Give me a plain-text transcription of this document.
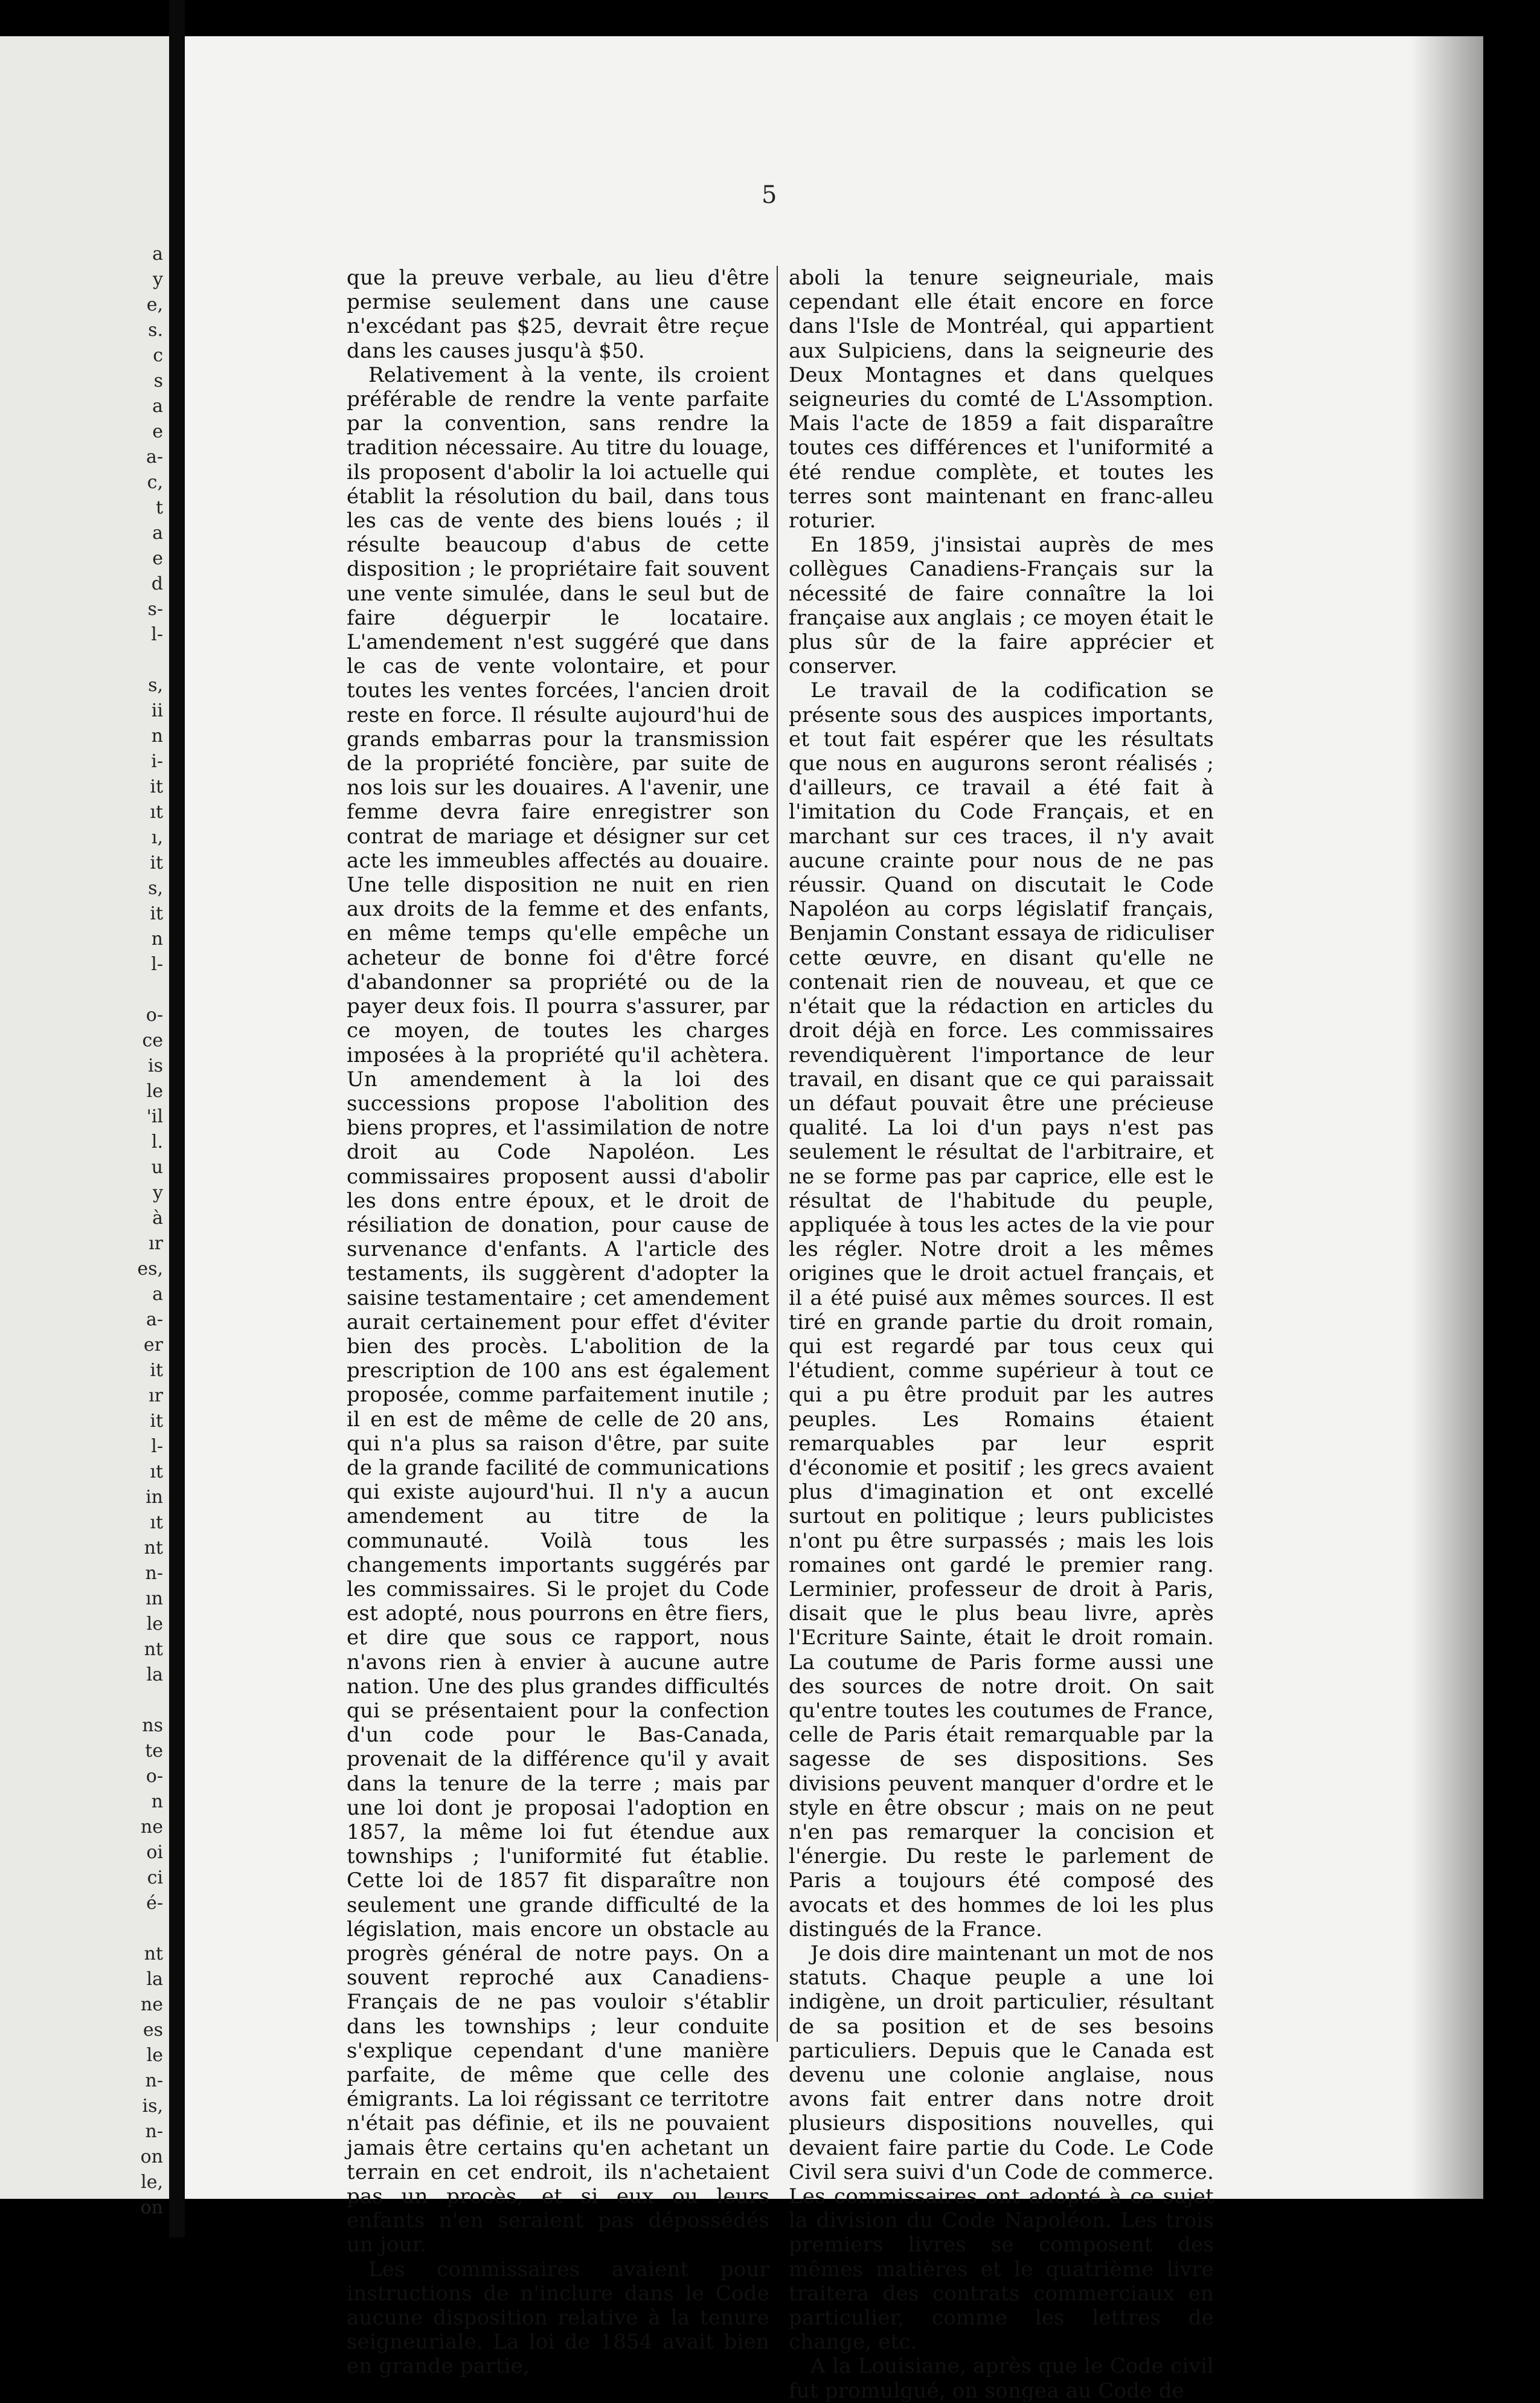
a
y
e,
s.
c
s
a
e
a-
c,
t
a
e
d
s-
l-

s,
ii
n
i-
it
ıt
ı,
it
s,
it
n
l-

o-
ce
is
le
'il
l.
u
y
à
ır
es,
a
a-
er
it
ır
it
l-
ıt
in
ıt
nt
n-
ın
le
nt
la

ns
te
o-
n
ne
oi
ci
é-

nt
la
ne
es
le
n-
is,
n-
on
le,
on
5

que la preuve verbale, au lieu d'être permise seulement dans une cause n'excédant pas $25, devrait être reçue dans les causes jusqu'à $50.

Relativement à la vente, ils croient préférable de rendre la vente parfaite par la convention, sans rendre la tradition nécessaire. Au titre du louage, ils proposent d'abolir la loi actuelle qui établit la résolution du bail, dans tous les cas de vente des biens loués ; il résulte beaucoup d'abus de cette disposition ; le propriétaire fait souvent une vente simulée, dans le seul but de faire déguerpir le locataire. L'amendement n'est suggéré que dans le cas de vente volontaire, et pour toutes les ventes forcées, l'ancien droit reste en force. Il résulte aujourd'hui de grands embarras pour la transmission de la propriété foncière, par suite de nos lois sur les douaires. A l'avenir, une femme devra faire enregistrer son contrat de mariage et désigner sur cet acte les immeubles affectés au douaire. Une telle disposition ne nuit en rien aux droits de la femme et des enfants, en même temps qu'elle empêche un acheteur de bonne foi d'être forcé d'abandonner sa propriété ou de la payer deux fois. Il pourra s'assurer, par ce moyen, de toutes les charges imposées à la propriété qu'il achètera. Un amendement à la loi des successions propose l'abolition des biens propres, et l'assimilation de notre droit au Code Napoléon. Les commissaires proposent aussi d'abolir les dons entre époux, et le droit de résiliation de donation, pour cause de survenance d'enfants. A l'article des testaments, ils suggèrent d'adopter la saisine testamentaire ; cet amendement aurait certainement pour effet d'éviter bien des procès. L'abolition de la prescription de 100 ans est également proposée, comme parfaitement inutile ; il en est de même de celle de 20 ans, qui n'a plus sa raison d'être, par suite de la grande facilité de communications qui existe aujourd'hui. Il n'y a aucun amendement au titre de la communauté. Voilà tous les changements importants suggérés par les commissaires. Si le projet du Code est adopté, nous pourrons en être fiers, et dire que sous ce rapport, nous n'avons rien à envier à aucune autre nation. Une des plus grandes difficultés qui se présentaient pour la confection d'un code pour le Bas-Canada, provenait de la différence qu'il y avait dans la tenure de la terre ; mais par une loi dont je proposai l'adoption en 1857, la même loi fut étendue aux townships ; l'uniformité fut établie. Cette loi de 1857 fit disparaître non seulement une grande difficulté de la législation, mais encore un obstacle au progrès général de notre pays. On a souvent reproché aux Canadiens-Français de ne pas vouloir s'établir dans les townships ; leur conduite s'explique cependant d'une manière parfaite, de même que celle des émigrants. La loi régissant ce territotre n'était pas définie, et ils ne pouvaient jamais être certains qu'en achetant un terrain en cet endroit, ils n'achetaient pas un procès, et si eux ou leurs enfants n'en seraient pas dépossédés un jour.

Les commissaires avaient pour instructions de n'inclure dans le Code aucune disposition relative à la tenure seigneuriale. La loi de 1854 avait bien en grande partie,

aboli la tenure seigneuriale, mais cependant elle était encore en force dans l'Isle de Montréal, qui appartient aux Sulpiciens, dans la seigneurie des Deux Montagnes et dans quelques seigneuries du comté de L'Assomption. Mais l'acte de 1859 a fait disparaître toutes ces différences et l'uniformité a été rendue complète, et toutes les terres sont maintenant en franc-alleu roturier.

En 1859, j'insistai auprès de mes collègues Canadiens-Français sur la nécessité de faire connaître la loi française aux anglais ; ce moyen était le plus sûr de la faire apprécier et conserver.

Le travail de la codification se présente sous des auspices importants, et tout fait espérer que les résultats que nous en augurons seront réalisés ; d'ailleurs, ce travail a été fait à l'imitation du Code Français, et en marchant sur ces traces, il n'y avait aucune crainte pour nous de ne pas réussir. Quand on discutait le Code Napoléon au corps législatif français, Benjamin Constant essaya de ridiculiser cette œuvre, en disant qu'elle ne contenait rien de nouveau, et que ce n'était que la rédaction en articles du droit déjà en force. Les commissaires revendiquèrent l'importance de leur travail, en disant que ce qui paraissait un défaut pouvait être une précieuse qualité. La loi d'un pays n'est pas seulement le résultat de l'arbitraire, et ne se forme pas par caprice, elle est le résultat de l'habitude du peuple, appliquée à tous les actes de la vie pour les régler. Notre droit a les mêmes origines que le droit actuel français, et il a été puisé aux mêmes sources. Il est tiré en grande partie du droit romain, qui est regardé par tous ceux qui l'étudient, comme supérieur à tout ce qui a pu être produit par les autres peuples. Les Romains étaient remarquables par leur esprit d'économie et positif ; les grecs avaient plus d'imagination et ont excellé surtout en politique ; leurs publicistes n'ont pu être surpassés ; mais les lois romaines ont gardé le premier rang. Lerminier, professeur de droit à Paris, disait que le plus beau livre, après l'Ecriture Sainte, était le droit romain. La coutume de Paris forme aussi une des sources de notre droit. On sait qu'entre toutes les coutumes de France, celle de Paris était remarquable par la sagesse de ses dispositions. Ses divisions peuvent manquer d'ordre et le style en être obscur ; mais on ne peut n'en pas remarquer la concision et l'énergie. Du reste le parlement de Paris a toujours été composé des avocats et des hommes de loi les plus distingués de la France.

Je dois dire maintenant un mot de nos statuts. Chaque peuple a une loi indigène, un droit particulier, résultant de sa position et de ses besoins particuliers. Depuis que le Canada est devenu une colonie anglaise, nous avons fait entrer dans notre droit plusieurs dispositions nouvelles, qui devaient faire partie du Code. Le Code Civil sera suivi d'un Code de commerce. Les commissaires ont adopté à ce sujet la division du Code Napoléon. Les trois premiers livres se composent des mêmes matières et le quatrième livre traitera des contrats commerciaux en particulier, comme les lettres de change, etc.

A la Louisiane, après que le Code civil fut promulgué, on songea au Code de
